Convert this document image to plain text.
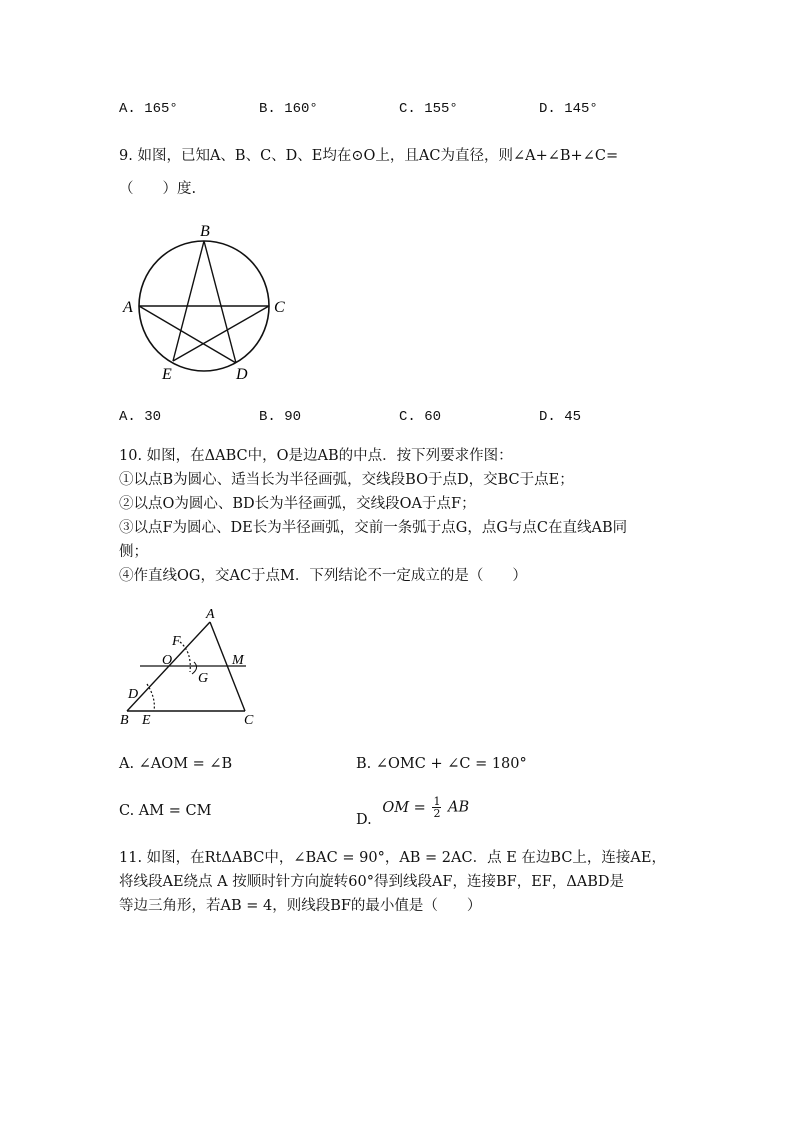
A. 165°	B. 160°	C. 155°	D. 145°
9. 如图，已知A、B、C、D、E均在⊙O上，且AC为直径，则∠A+∠B+∠C=
（　　）度.
B
A	C
E	D
A. 30	B. 90	C. 60	D. 45
10. 如图，在ΔABC中，O是边AB的中点．按下列要求作图：
①以点B为圆心、适当长为半径画弧，交线段BO于点D，交BC于点E；
②以点O为圆心、BD长为半径画弧，交线段OA于点F；
③以点F为圆心、DE长为半径画弧，交前一条弧于点G，点G与点C在直线AB同
侧；
④作直线OG，交AC于点M．下列结论不一定成立的是（　　）
A
F
O	M
G
D
B E	C
A. ∠AOM = ∠B	B. ∠OMC + ∠C = 180°
C. AM = CM
D. OM = $\frac{1}{2}$ AB
11. 如图，在RtΔABC中，∠BAC = 90°，AB = 2AC．点 E 在边BC上，连接AE，
将线段AE绕点 A 按顺时针方向旋转60°得到线段AF，连接BF，EF，ΔABD是
等边三角形，若AB = 4，则线段BF的最小值是（　　）
